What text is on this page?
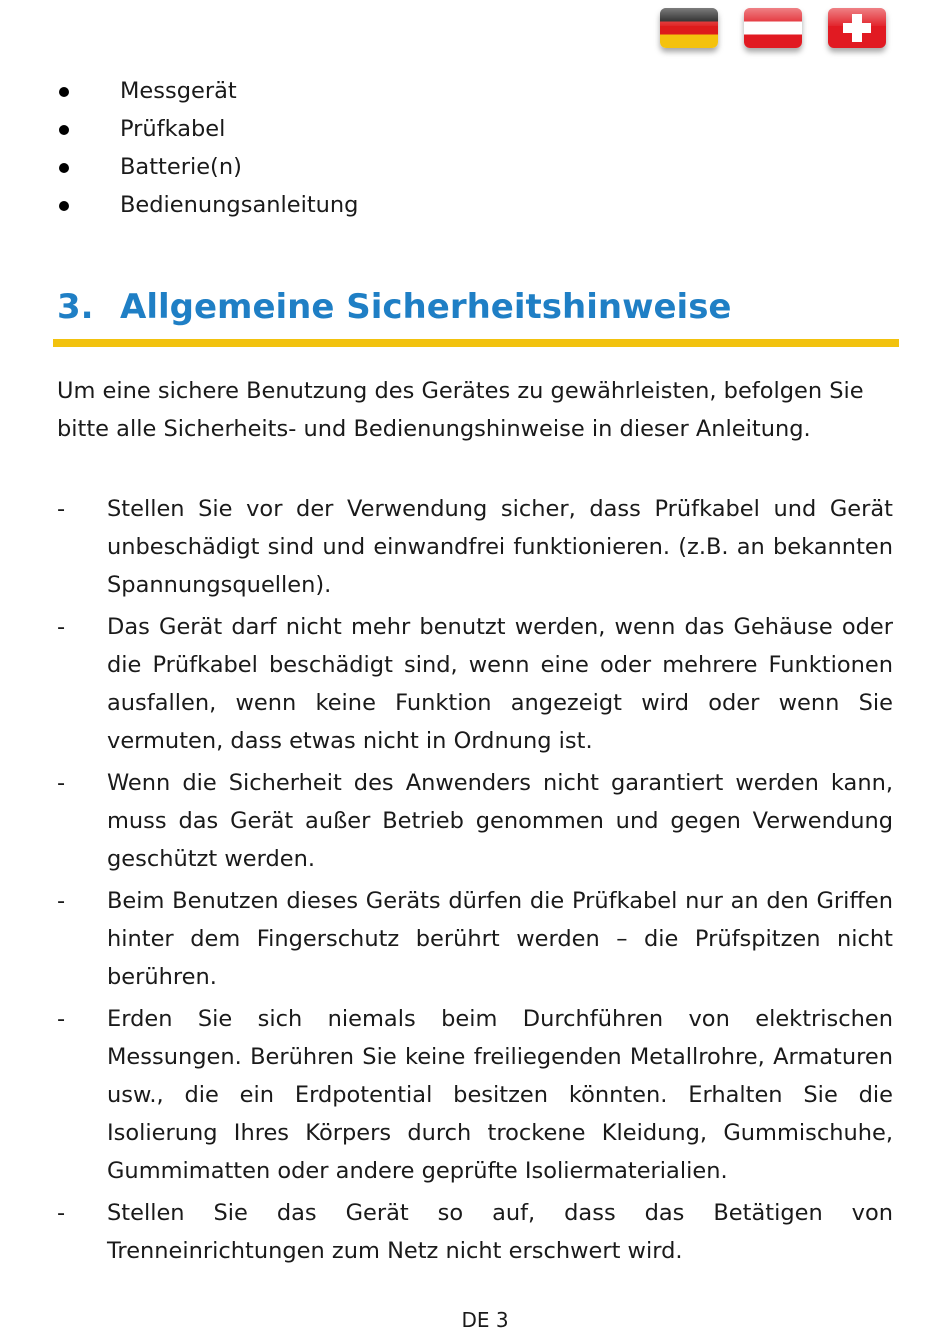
Messgerät
Prüfkabel
Batterie(n)
Bedienungsanleitung
3. Allgemeine Sicherheitshinweise

Um eine sichere Benutzung des Gerätes zu gewährleisten, befolgen Sie bitte alle Sicherheits- und Bedienungshinweise in dieser Anleitung.

- Stellen Sie vor der Verwendung sicher, dass Prüfkabel und Gerät unbeschädigt sind und einwandfrei funktionieren. (z.B. an bekannten Spannungsquellen).
- Das Gerät darf nicht mehr benutzt werden, wenn das Gehäuse oder die Prüfkabel beschädigt sind, wenn eine oder mehrere Funktionen ausfallen, wenn keine Funktion angezeigt wird oder wenn Sie vermuten, dass etwas nicht in Ordnung ist.
- Wenn die Sicherheit des Anwenders nicht garantiert werden kann, muss das Gerät außer Betrieb genommen und gegen Verwendung geschützt werden.
- Beim Benutzen dieses Geräts dürfen die Prüfkabel nur an den Griffen hinter dem Fingerschutz berührt werden – die Prüfspitzen nicht berühren.
- Erden Sie sich niemals beim Durchführen von elektrischen Messungen. Berühren Sie keine freiliegenden Metallrohre, Armaturen usw., die ein Erdpotential besitzen könnten. Erhalten Sie die Isolierung Ihres Körpers durch trockene Kleidung, Gummischuhe, Gummimatten oder andere geprüfte Isoliermaterialien.
- Stellen Sie das Gerät so auf, dass das Betätigen von Trenneinrichtungen zum Netz nicht erschwert wird.
DE 3
